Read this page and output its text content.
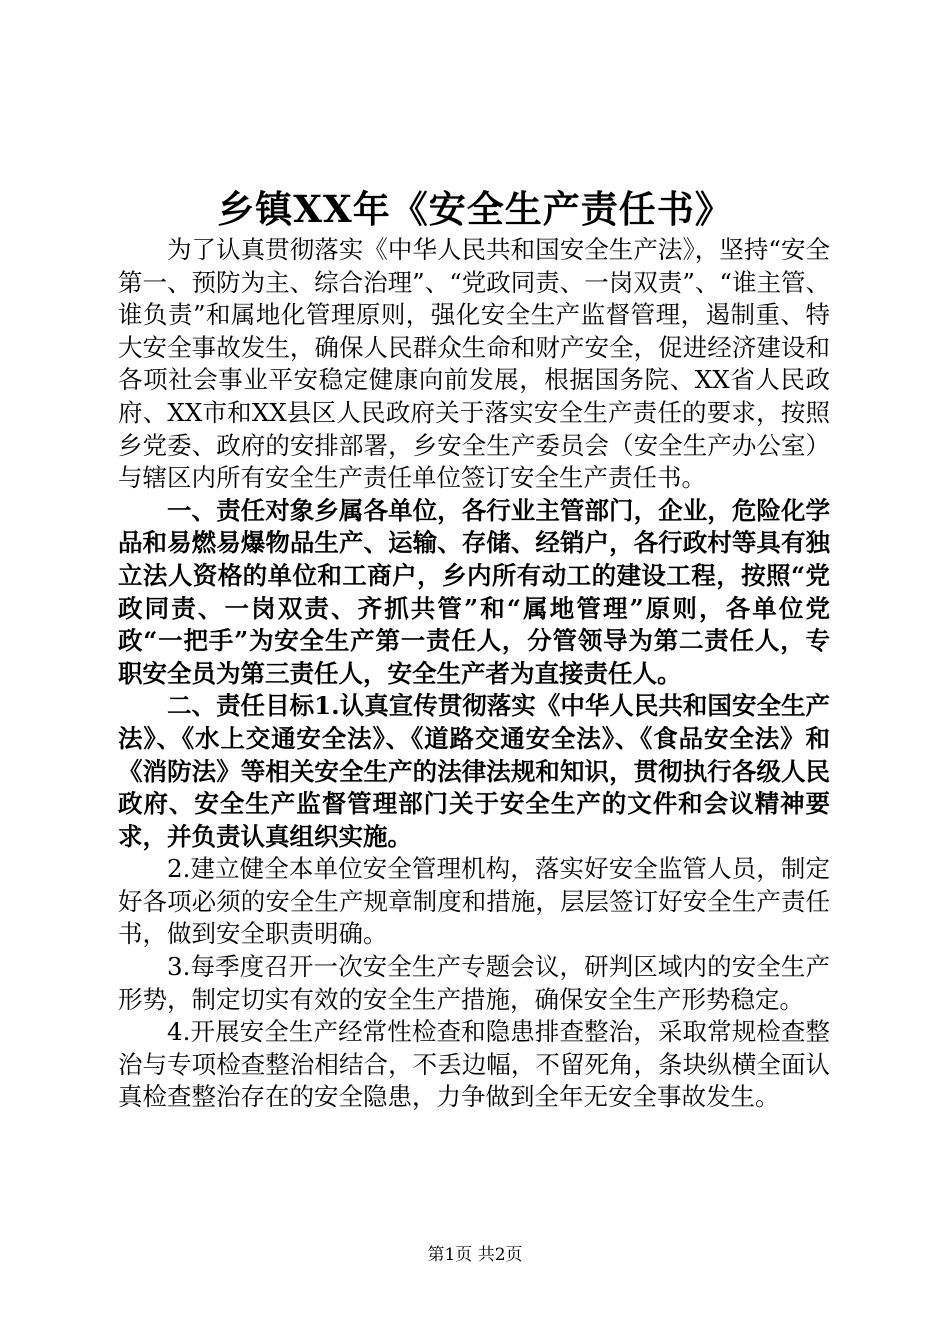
乡镇XX年《安全生产责任书》

为了认真贯彻落实《中华人民共和国安全生产法》，坚持“安全第一、预防为主、综合治理”、“党政同责、一岗双责”、“谁主管、谁负责”和属地化管理原则，强化安全生产监督管理，遏制重、特大安全事故发生，确保人民群众生命和财产安全，促进经济建设和各项社会事业平安稳定健康向前发展，根据国务院、XX省人民政府、XX市和XX县区人民政府关于落实安全生产责任的要求，按照乡党委、政府的安排部署，乡安全生产委员会（安全生产办公室）与辖区内所有安全生产责任单位签订安全生产责任书。

一、责任对象乡属各单位，各行业主管部门，企业，危险化学品和易燃易爆物品生产、运输、存储、经销户，各行政村等具有独立法人资格的单位和工商户，乡内所有动工的建设工程，按照“党政同责、一岗双责、齐抓共管”和“属地管理”原则，各单位党政“一把手”为安全生产第一责任人，分管领导为第二责任人，专职安全员为第三责任人，安全生产者为直接责任人。

二、责任目标1.认真宣传贯彻落实《中华人民共和国安全生产法》、《水上交通安全法》、《道路交通安全法》、《食品安全法》和《消防法》等相关安全生产的法律法规和知识，贯彻执行各级人民政府、安全生产监督管理部门关于安全生产的文件和会议精神要求，并负责认真组织实施。

2.建立健全本单位安全管理机构，落实好安全监管人员，制定好各项必须的安全生产规章制度和措施，层层签订好安全生产责任书，做到安全职责明确。

3.每季度召开一次安全生产专题会议，研判区域内的安全生产形势，制定切实有效的安全生产措施，确保安全生产形势稳定。

4.开展安全生产经常性检查和隐患排查整治，采取常规检查整治与专项检查整治相结合，不丢边幅，不留死角，条块纵横全面认真检查整治存在的安全隐患，力争做到全年无安全事故发生。

第1页 共2页
